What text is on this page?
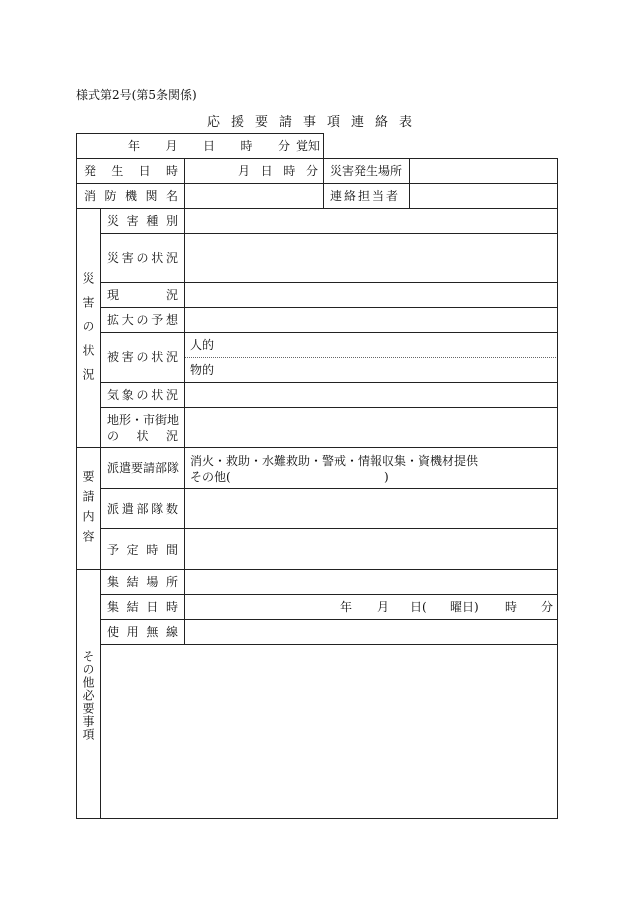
様式第2号(第5条関係)
応援要請事項連絡表
年 月 日 時 分 覚知
発 生 日 時	月 日 時 分 災害発生場所
消 防 機 関 名	連絡担当者
災害の状況
災 害 種 別
災 害 の 状 況
現	況
拡 大 の 予 想
被 害 の 状 況
人的
物的
気 象 の 状 況
地形・市街地
の 状 況
要請内容
派遣要請部隊 消火・救助・水難救助・警戒・情報収集・資機材提供
その他(	)
派 遣 部 隊 数
予 定 時 間
その他必要事項
集 結 場 所
集 結 日 時	年 月 日( 曜日) 時 分
使 用 無 線
